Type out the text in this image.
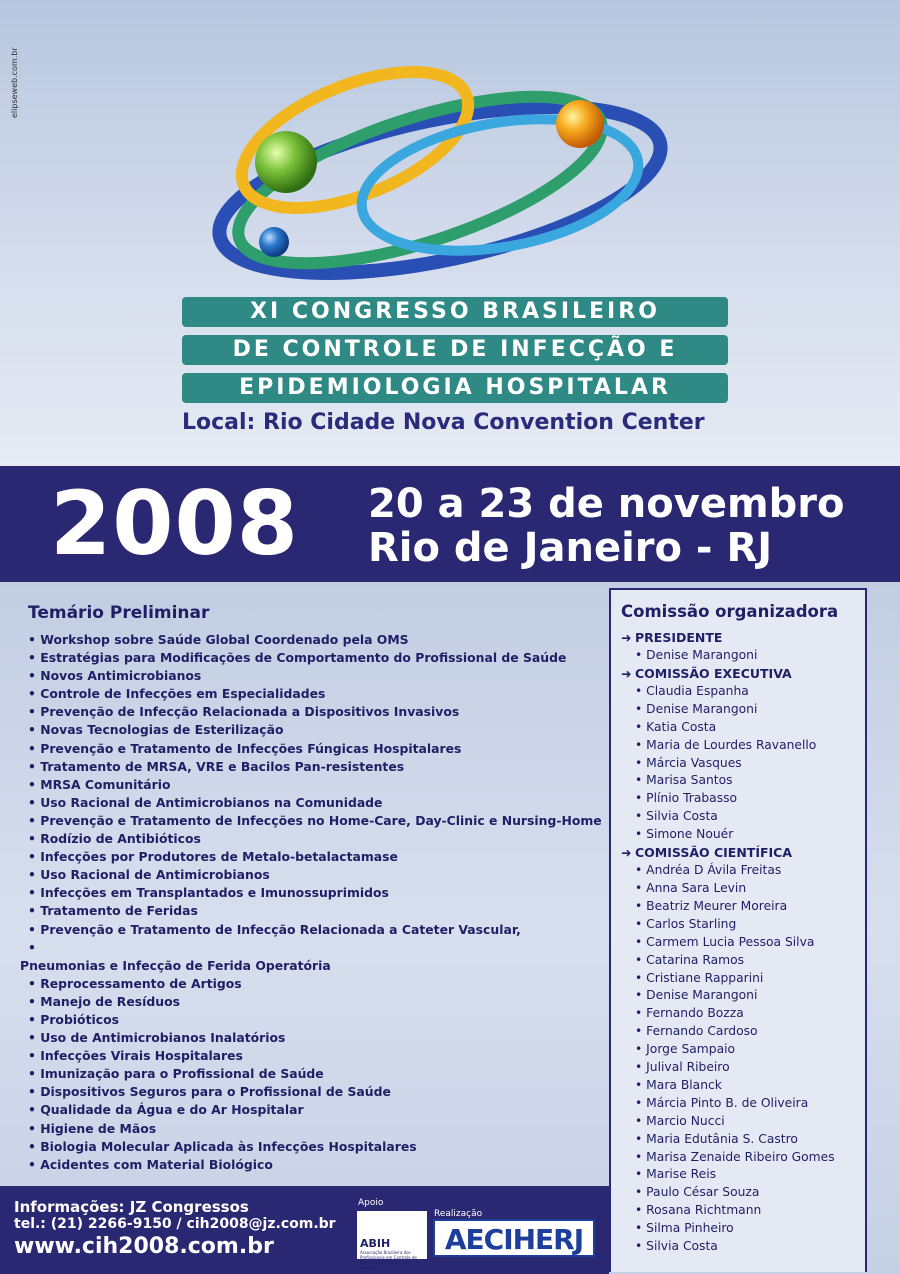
elipseweb.com.br
XI CONGRESSO BRASILEIRO
DE CONTROLE DE INFECÇÃO E
EPIDEMIOLOGIA HOSPITALAR
Local: Rio Cidade Nova Convention Center
2008 20 a 23 de novembro
Rio de Janeiro - RJ
Temário Preliminar
• Workshop sobre Saúde Global Coordenado pela OMS
• Estratégias para Modificações de Comportamento do Profissional de Saúde
• Novos Antimicrobianos
• Controle de Infecções em Especialidades
• Prevenção de Infecção Relacionada a Dispositivos Invasivos
• Novas Tecnologias de Esterilização
• Prevenção e Tratamento de Infecções Fúngicas Hospitalares
• Tratamento de MRSA, VRE e Bacilos Pan-resistentes
• MRSA Comunitário
• Uso Racional de Antimicrobianos na Comunidade
• Prevenção e Tratamento de Infecções no Home-Care, Day-Clinic e Nursing-Home
• Rodízio de Antibióticos
• Infecções por Produtores de Metalo-betalactamase
• Uso Racional de Antimicrobianos
• Infecções em Transplantados e Imunossuprimidos
• Tratamento de Feridas
• Prevenção e Tratamento de Infecção Relacionada a Cateter Vascular,
• Pneumonias e Infecção de Ferida Operatória
• Reprocessamento de Artigos
• Manejo de Resíduos
• Probióticos
• Uso de Antimicrobianos Inalatórios
• Infecções Virais Hospitalares
• Imunização para o Profissional de Saúde
• Dispositivos Seguros para o Profissional de Saúde
• Qualidade da Água e do Ar Hospitalar
• Higiene de Mãos
• Biologia Molecular Aplicada às Infecções Hospitalares
• Acidentes com Material Biológico
Comissão organizadora
➜ PRESIDENTE
• Denise Marangoni
➜ COMISSÃO EXECUTIVA
• Claudia Espanha
• Denise Marangoni
• Katia Costa
• Maria de Lourdes Ravanello
• Márcia Vasques
• Marisa Santos
• Plínio Trabasso
• Silvia Costa
• Simone Nouér
➜ COMISSÃO CIENTÍFICA
• Andréa D Ávila Freitas
• Anna Sara Levin
• Beatriz Meurer Moreira
• Carlos Starling
• Carmem Lucia Pessoa Silva
• Catarina Ramos
• Cristiane Rapparini
• Denise Marangoni
• Fernando Bozza
• Fernando Cardoso
• Jorge Sampaio
• Julival Ribeiro
• Mara Blanck
• Márcia Pinto B. de Oliveira
• Marcio Nucci
• Maria Edutânia S. Castro
• Marisa Zenaide Ribeiro Gomes
• Marise Reis
• Paulo César Souza
• Rosana Richtmann
• Silma Pinheiro
• Silvia Costa
Informações: JZ Congressos
tel.: (21) 2266-9150 / cih2008@jz.com.br
www.cih2008.com.br
Apoio
ABIH
Associação Brasileira dos Profissionais em Controle de Infecção e Epidemiologia Hospitalar
Realização
AECIHERJ
